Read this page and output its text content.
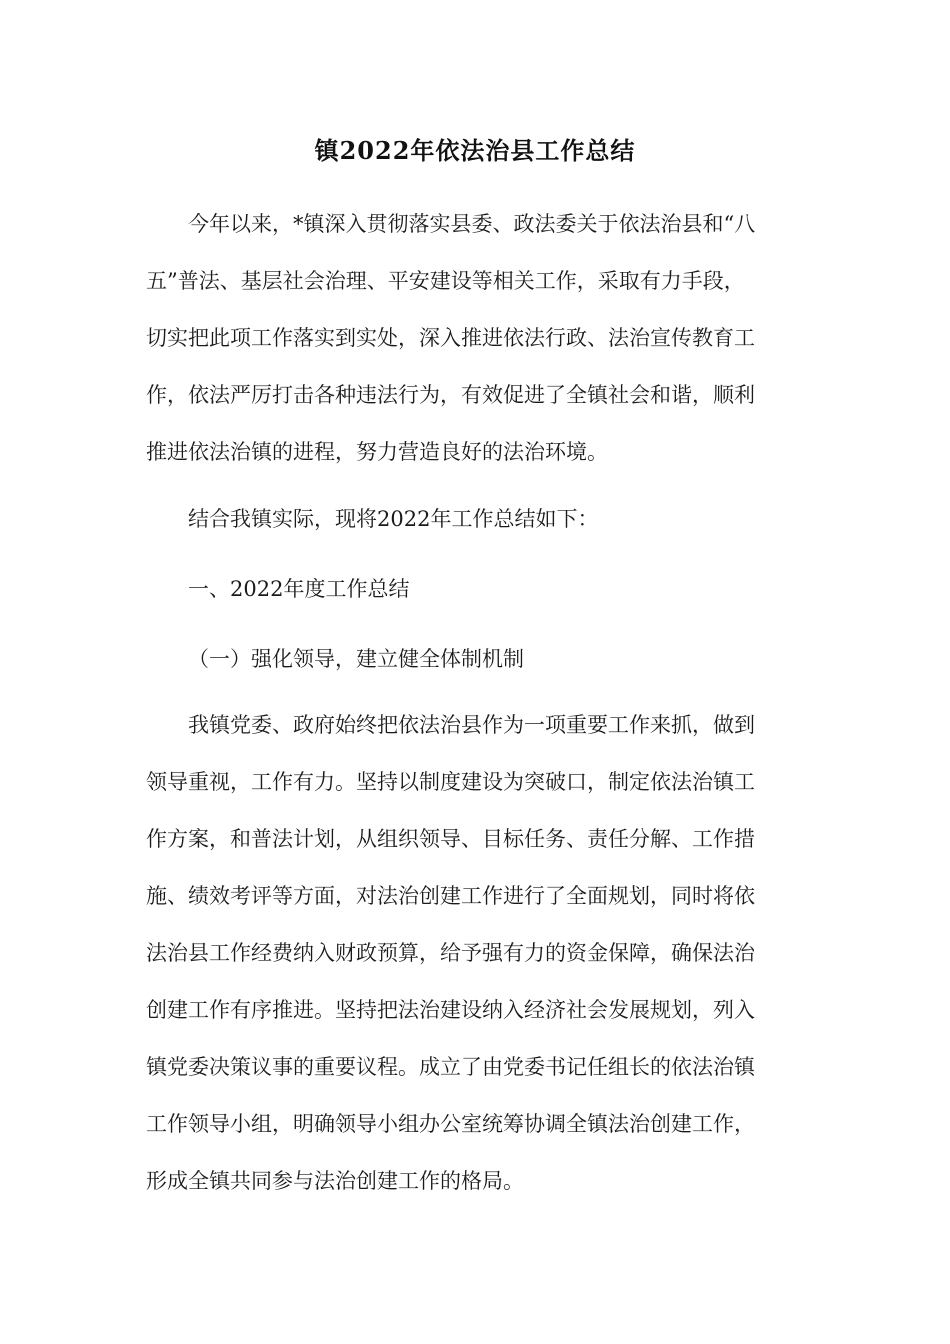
镇2022年依法治县工作总结
今年以来，*镇深入贯彻落实县委、政法委关于依法治县和“八
五”普法、基层社会治理、平安建设等相关工作，采取有力手段，
切实把此项工作落实到实处，深入推进依法行政、法治宣传教育工
作，依法严厉打击各种违法行为，有效促进了全镇社会和谐，顺利
推进依法治镇的进程，努力营造良好的法治环境。
结合我镇实际，现将2022年工作总结如下：
一、2022年度工作总结
（一）强化领导，建立健全体制机制
我镇党委、政府始终把依法治县作为一项重要工作来抓，做到
领导重视，工作有力。坚持以制度建设为突破口，制定依法治镇工
作方案，和普法计划，从组织领导、目标任务、责任分解、工作措
施、绩效考评等方面，对法治创建工作进行了全面规划，同时将依
法治县工作经费纳入财政预算，给予强有力的资金保障，确保法治
创建工作有序推进。坚持把法治建设纳入经济社会发展规划，列入
镇党委决策议事的重要议程。成立了由党委书记任组长的依法治镇
工作领导小组，明确领导小组办公室统筹协调全镇法治创建工作，
形成全镇共同参与法治创建工作的格局。
